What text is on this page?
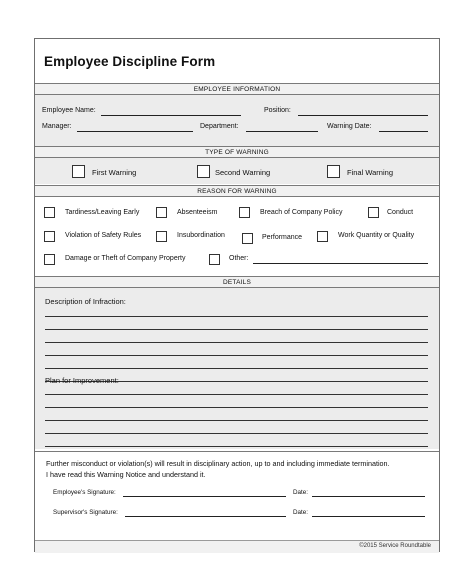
Employee Discipline Form
EMPLOYEE INFORMATION
Employee Name:	Position:
Manager:	Department:	Warning Date:
TYPE OF WARNING
First Warning	Second Warning	Final Warning
REASON FOR WARNING
Tardiness/Leaving Early	Absenteeism	Breach of Company Policy	Conduct
Violation of Safety Rules	Insubordination	Performance	Work Quantity or Quality
Damage or Theft of Company Property	Other:
DETAILS
Description of Infraction:
Plan for Improvement:
Further misconduct or violation(s) will result in disciplinary action, up to and including immediate termination.
I have read this Warning Notice and understand it.
Employee's Signature:	Date:
Supervisor's Signature:	Date:
©2015 Service Roundtable
